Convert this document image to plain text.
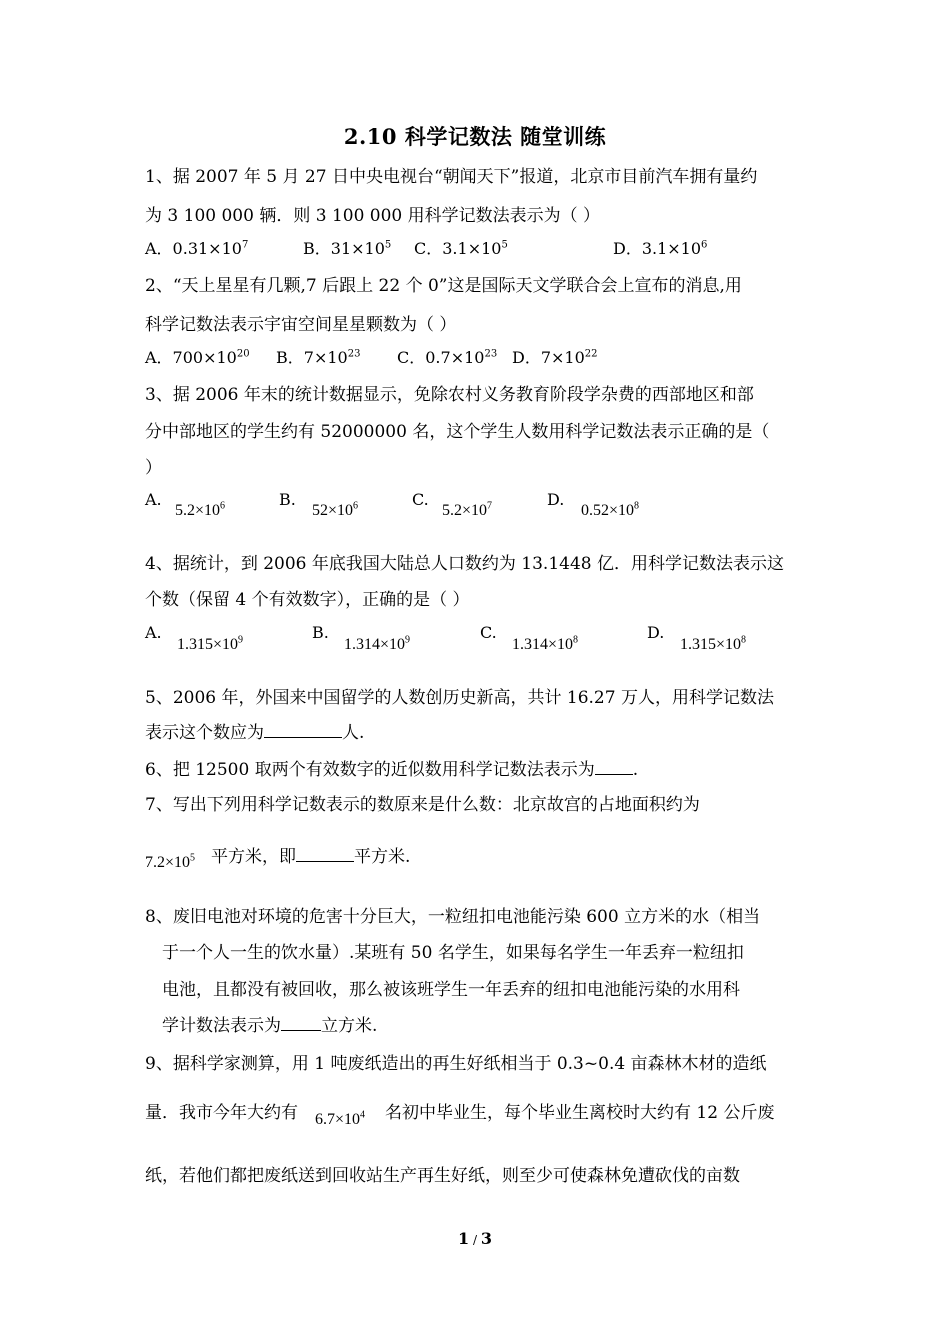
2.10 科学记数法 随堂训练
1、据 2007 年 5 月 27 日中央电视台“朝闻天下”报道，北京市目前汽车拥有量约
为 3 100 000 辆．则 3 100 000 用科学记数法表示为（ ）
A．$0.31\times 10^7$	B．$31\times 10^5$ C．$3.1\times 10^5$	D．$3.1\times 10^6$
2、“天上星星有几颗,7 后跟上 22 个 0”这是国际天文学联合会上宣布的消息,用
科学记数法表示宇宙空间星星颗数为（ ）
A．$700\times 10^{20}$ B．$7\times 10^{23}$ C．$0.7\times 10^{23}$ D．$7\times 10^{22}$
3、据 2006 年末的统计数据显示，免除农村义务教育阶段学杂费的西部地区和部
分中部地区的学生约有 52000000 名，这个学生人数用科学记数法表示正确的是（
）
A.
$5.2\times 10^6$	B.
$52\times 10^6$	C.
$5.2\times 10^7$	D.
$0.52\times 10^8$
4、据统计，到 2006 年底我国大陆总人口数约为 13.1448 亿．用科学记数法表示这
个数（保留 4 个有效数字），正确的是（ ）
A.
$1.315\times 10^9$	B.
$1.314\times 10^9$	C.
$1.314\times 10^8$	D.
$1.315\times 10^8$
5、2006 年，外国来中国留学的人数创历史新高，共计 16.27 万人，用科学记数法
表示这个数应为	人.
6、把 12500 取两个有效数字的近似数用科学记数法表示为 .
7、写出下列用科学记数表示的数原来是什么数：北京故宫的占地面积约为
$7.2\times 10^5$ 平方米，即	平方米.
8、废旧电池对环境的危害十分巨大，一粒纽扣电池能污染 600 立方米的水（相当
于一个人一生的饮水量）.某班有 50 名学生，如果每名学生一年丢弃一粒纽扣
电池，且都没有被回收，那么被该班学生一年丢弃的纽扣电池能污染的水用科
学计数法表示为 立方米.
9、据科学家测算，用 1 吨废纸造出的再生好纸相当于 0.3~0.4 亩森林木材的造纸
量．我市今年大约有 $6.7\times 10^4$ 名初中毕业生，每个毕业生离校时大约有 12 公斤废
纸，若他们都把废纸送到回收站生产再生好纸，则至少可使森林免遭砍伐的亩数
1 / 3
